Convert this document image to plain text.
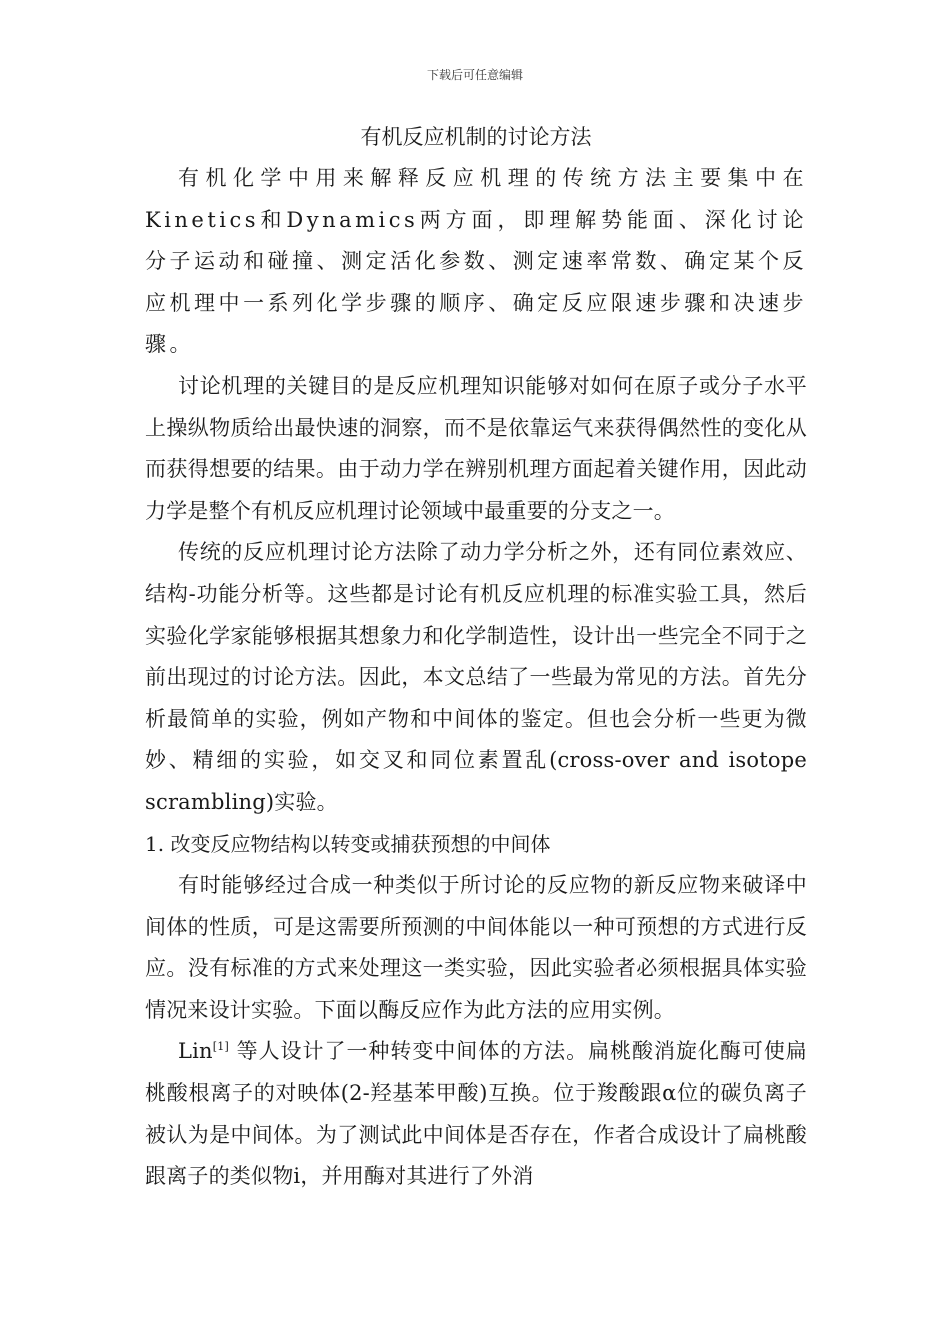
下载后可任意编辑
有机反应机制的讨论方法

有机化学中用来解释反应机理的传统方法主要集中在Kinetics和Dynamics两方面，即理解势能面、深化讨论分子运动和碰撞、测定活化参数、测定速率常数、确定某个反应机理中一系列化学步骤的顺序、确定反应限速步骤和决速步骤。

讨论机理的关键目的是反应机理知识能够对如何在原子或分子水平上操纵物质给出最快速的洞察，而不是依靠运气来获得偶然性的变化从而获得想要的结果。由于动力学在辨别机理方面起着关键作用，因此动力学是整个有机反应机理讨论领域中最重要的分支之一。

传统的反应机理讨论方法除了动力学分析之外，还有同位素效应、结构-功能分析等。这些都是讨论有机反应机理的标准实验工具，然后实验化学家能够根据其想象力和化学制造性，设计出一些完全不同于之前出现过的讨论方法。因此，本文总结了一些最为常见的方法。首先分析最简单的实验，例如产物和中间体的鉴定。但也会分析一些更为微妙、精细的实验，如交叉和同位素置乱(cross-over and isotope scrambling)实验。

1. 改变反应物结构以转变或捕获预想的中间体

有时能够经过合成一种类似于所讨论的反应物的新反应物来破译中间体的性质，可是这需要所预测的中间体能以一种可预想的方式进行反应。没有标准的方式来处理这一类实验，因此实验者必须根据具体实验情况来设计实验。下面以酶反应作为此方法的应用实例。

Lin[1] 等人设计了一种转变中间体的方法。扁桃酸消旋化酶可使扁桃酸根离子的对映体(2-羟基苯甲酸)互换。位于羧酸跟α位的碳负离子被认为是中间体。为了测试此中间体是否存在，作者合成设计了扁桃酸跟离子的类似物i，并用酶对其进行了外消
